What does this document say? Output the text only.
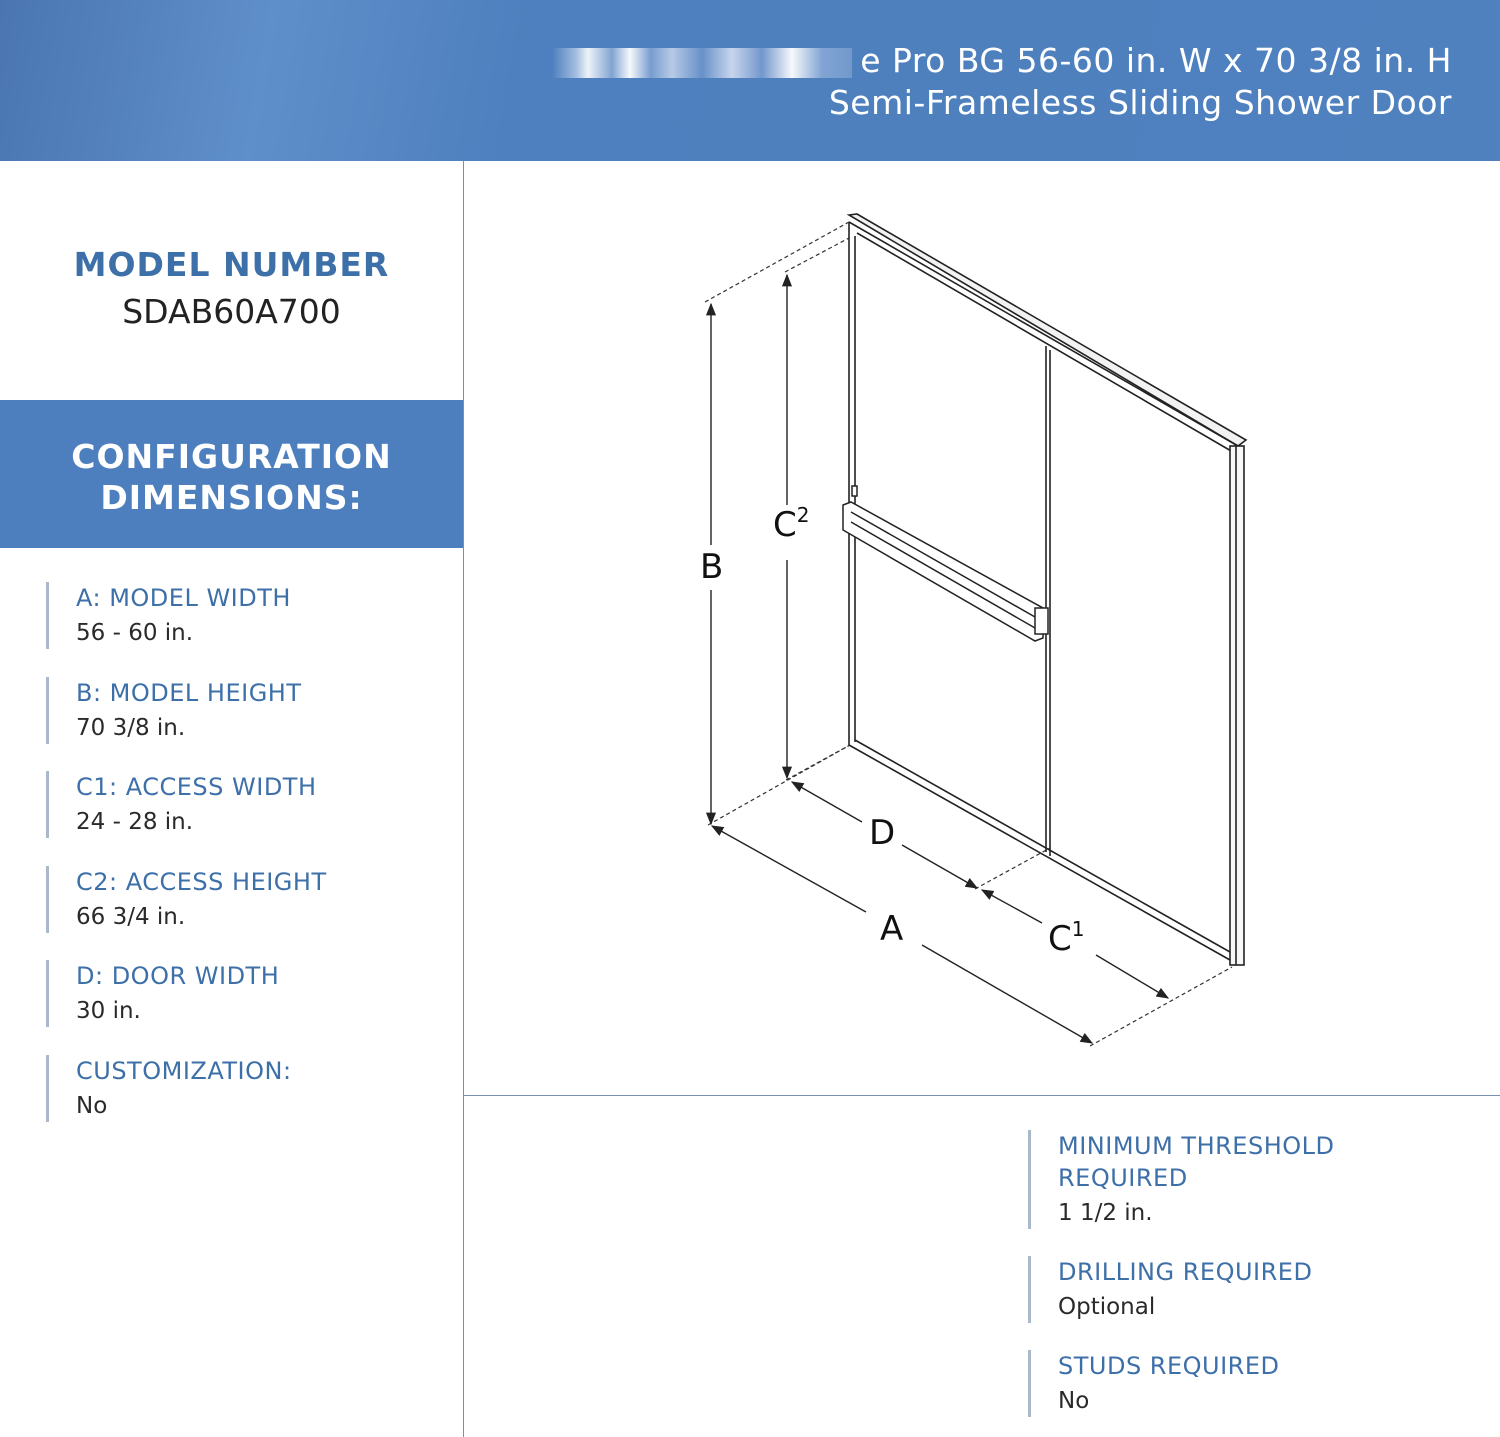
e Pro BG 56-60 in. W x 70 3/8 in. H
Semi-Frameless Sliding Shower Door
MODEL NUMBER
SDAB60A700
CONFIGURATION
DIMENSIONS:
A: MODEL WIDTH
56 - 60 in.
B: MODEL HEIGHT
70 3/8 in.
C1: ACCESS WIDTH
24 - 28 in.
C2: ACCESS HEIGHT
66 3/4 in.
D: DOOR WIDTH
30 in.
CUSTOMIZATION:
No
MINIMUM THRESHOLD
REQUIRED
1 1/2 in.
DRILLING REQUIRED
Optional
STUDS REQUIRED
No
B
$C^2$
D
$C^1$
A
